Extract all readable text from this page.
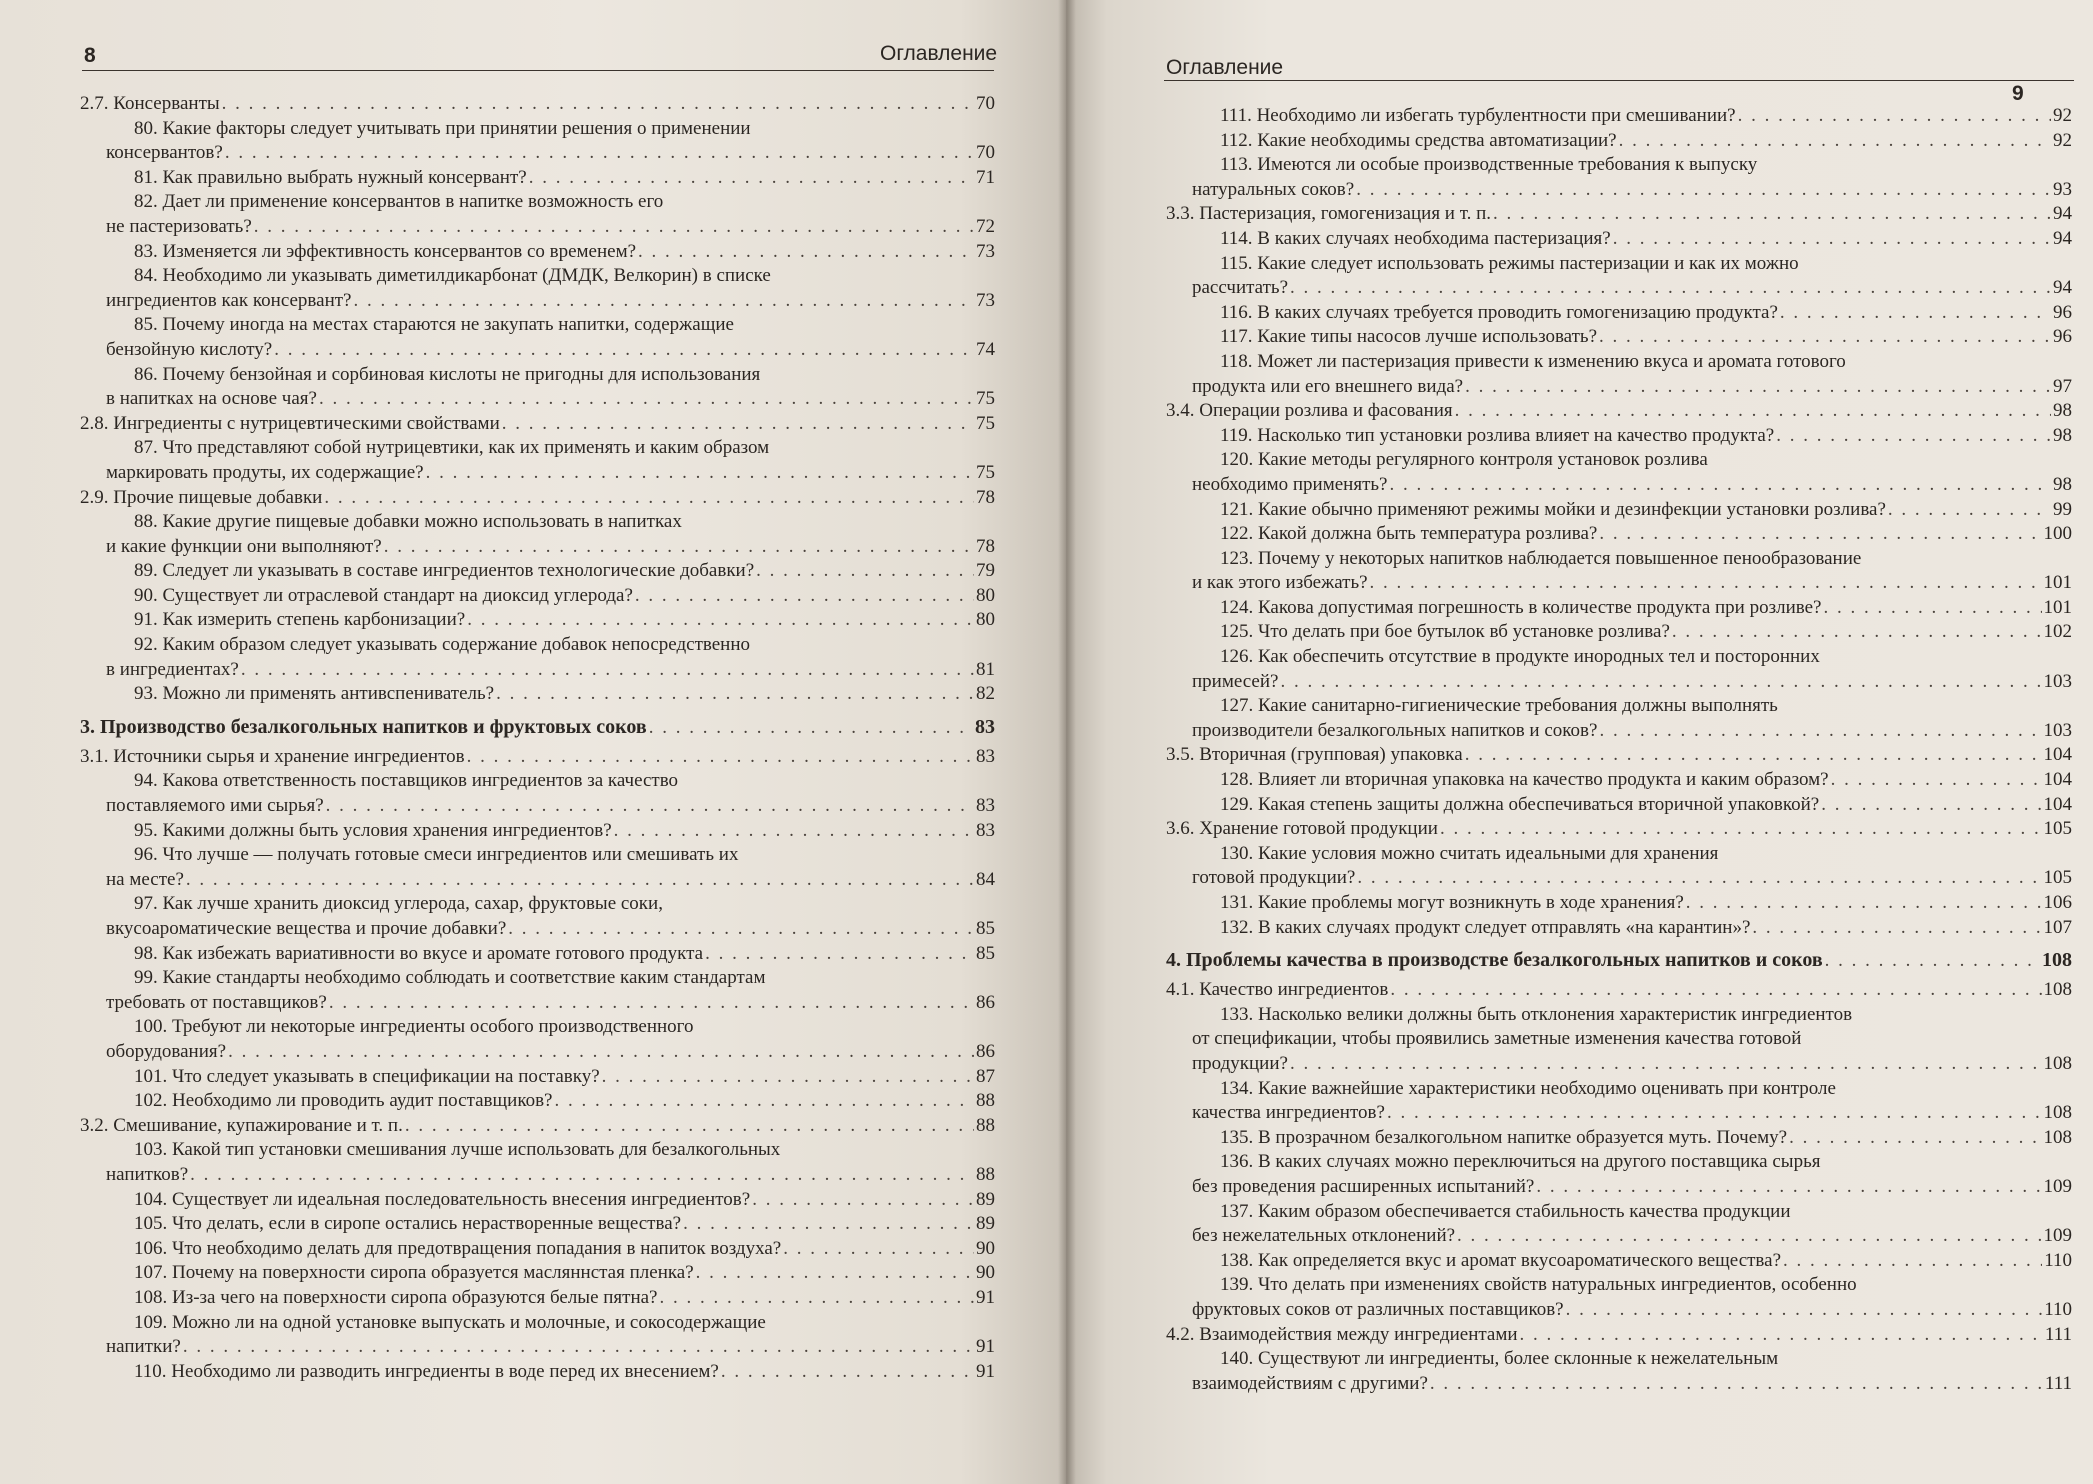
8	Оглавление
2.7. Консерванты . . .	70
80. Какие факторы следует учитывать при принятии решения о применении
консервантов? . . .	70
81. Как правильно выбрать нужный консервант? . . .	71
82. Дает ли применение консервантов в напитке возможность его
не пастеризовать? . . .	72
83. Изменяется ли эффективность консервантов со временем? . . .	73
84. Необходимо ли указывать диметилдикарбонат (ДМДК, Велкорин) в списке
ингредиентов как консервант? . . .	73
85. Почему иногда на местах стараются не закупать напитки, содержащие
бензойную кислоту? . . .	74
86. Почему бензойная и сорбиновая кислоты не пригодны для использования
в напитках на основе чая? . . .	75
2.8. Ингредиенты с нутрицевтическими свойствами . . .	75
87. Что представляют собой нутрицевтики, как их применять и каким образом
маркировать продуты, их содержащие? . . .	75
2.9. Прочие пищевые добавки . . .	78
88. Какие другие пищевые добавки можно использовать в напитках
и какие функции они выполняют? . . .	78
89. Следует ли указывать в составе ингредиентов технологические добавки? . . .	79
90. Существует ли отраслевой стандарт на диоксид углерода? . . .	80
91. Как измерить степень карбонизации? . . .	80
92. Каким образом следует указывать содержание добавок непосредственно
в ингредиентах? . . .	81
93. Можно ли применять антивспениватель? . . .	82
3. Производство безалкогольных напитков и фруктовых соков . . .	83
3.1. Источники сырья и хранение ингредиентов . . .	83
94. Какова ответственность поставщиков ингредиентов за качество
поставляемого ими сырья? . . .	83
95. Какими должны быть условия хранения ингредиентов? . . .	83
96. Что лучше — получать готовые смеси ингредиентов или смешивать их
на месте? . . .	84
97. Как лучше хранить диоксид углерода, сахар, фруктовые соки,
вкусоароматические вещества и прочие добавки? . . .	85
98. Как избежать вариативности во вкусе и аромате готового продукта . . .	85
99. Какие стандарты необходимо соблюдать и соответствие каким стандартам
требовать от поставщиков? . . .	86
100. Требуют ли некоторые ингредиенты особого производственного
оборудования? . . .	86
101. Что следует указывать в спецификации на поставку? . . .	87
102. Необходимо ли проводить аудит поставщиков? . . .	88
3.2. Смешивание, купажирование и т. п. . . .	88
103. Какой тип установки смешивания лучше использовать для безалкогольных
напитков? . . .	88
104. Существует ли идеальная последовательность внесения ингредиентов? . . .	89
105. Что делать, если в сиропе остались нерастворенные вещества? . . .	89
106. Что необходимо делать для предотвращения попадания в напиток воздуха? . . .	90
107. Почему на поверхности сиропа образуется масляннстая пленка? . . .	90
108. Из-за чего на поверхности сиропа образуются белые пятна? . . .	91
109. Можно ли на одной установке выпускать и молочные, и сокосодержащие
напитки? . . .	91
110. Необходимо ли разводить ингредиенты в воде перед их внесением? . . .	91
Оглавление
9
111. Необходимо ли избегать турбулентности при смешивании? . . .	92
112. Какие необходимы средства автоматизации? . . .	92
113. Имеются ли особые производственные требования к выпуску
натуральных соков? . . .	93
3.3. Пастеризация, гомогенизация и т. п. . . .	94
114. В каких случаях необходима пастеризация? . . .	94
115. Какие следует использовать режимы пастеризации и как их можно
рассчитать? . . .	94
116. В каких случаях требуется проводить гомогенизацию продукта? . . .	96
117. Какие типы насосов лучше использовать? . . .	96
118. Может ли пастеризация привести к изменению вкуса и аромата готового
продукта или его внешнего вида? . . .	97
3.4. Операции розлива и фасования . . .	98
119. Насколько тип установки розлива влияет на качество продукта? . . .	98
120. Какие методы регулярного контроля установок розлива
необходимо применять? . . .	98
121. Какие обычно применяют режимы мойки и дезинфекции установки розлива? . . .	99
122. Какой должна быть температура розлива? . . .	100
123. Почему у некоторых напитков наблюдается повышенное пенообразование
и как этого избежать? . . .	101
124. Какова допустимая погрешность в количестве продукта при розливе? . . .	101
125. Что делать при бое бутылок вб установке розлива? . . .	102
126. Как обеспечить отсутствие в продукте инородных тел и посторонних
примесей? . . .	103
127. Какие санитарно-гигиенические требования должны выполнять
производители безалкогольных напитков и соков? . . .	103
3.5. Вторичная (групповая) упаковка . . .	104
128. Влияет ли вторичная упаковка на качество продукта и каким образом? . . .	104
129. Какая степень защиты должна обеспечиваться вторичной упаковкой? . . .	104
3.6. Хранение готовой продукции . . .	105
130. Какие условия можно считать идеальными для хранения
готовой продукции? . . .	105
131. Какие проблемы могут возникнуть в ходе хранения? . . .	106
132. В каких случаях продукт следует отправлять «на карантин»? . . .	107
4. Проблемы качества в производстве безалкогольных напитков и соков . . .	108
4.1. Качество ингредиентов . . .	108
133. Насколько велики должны быть отклонения характеристик ингредиентов
от спецификации, чтобы проявились заметные изменения качества готовой
продукции? . . .	108
134. Какие важнейшие характеристики необходимо оценивать при контроле
качества ингредиентов? . . .	108
135. В прозрачном безалкогольном напитке образуется муть. Почему? . . .	108
136. В каких случаях можно переключиться на другого поставщика сырья
без проведения расширенных испытаний? . . .	109
137. Каким образом обеспечивается стабильность качества продукции
без нежелательных отклонений? . . .	109
138. Как определяется вкус и аромат вкусоароматического вещества? . . .	110
139. Что делать при изменениях свойств натуральных ингредиентов, особенно
фруктовых соков от различных поставщиков? . . .	110
4.2. Взаимодействия между ингредиентами . . .	111
140. Существуют ли ингредиенты, более склонные к нежелательным
взаимодействиям с другими? . . .	111
